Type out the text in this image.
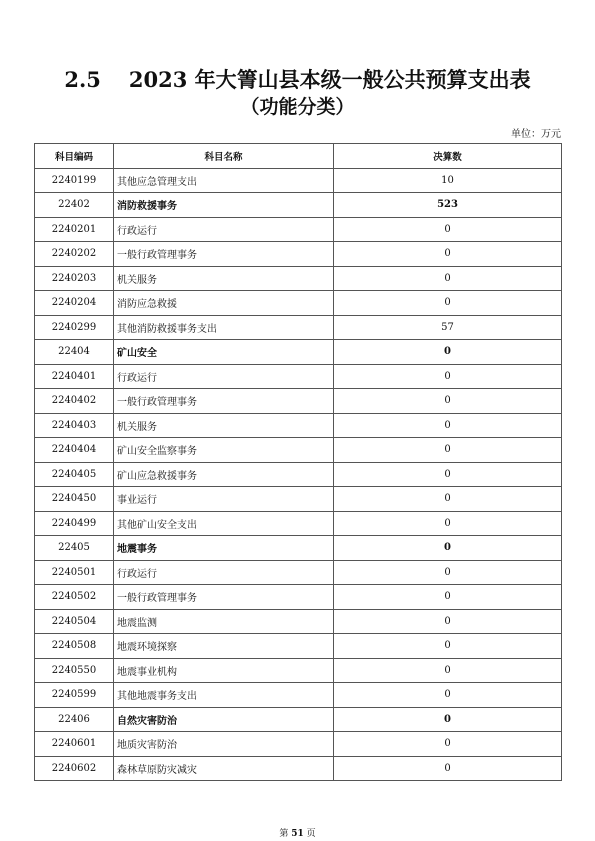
2.5 2023 年大箐山县本级一般公共预算支出表
（功能分类）
单位：万元
科目编码	科目名称	决算数
2240199	其他应急管理支出	10
22402	消防救援事务	523
2240201	行政运行	0
2240202	一般行政管理事务	0
2240203	机关服务	0
2240204	消防应急救援	0
2240299	其他消防救援事务支出	57
22404	矿山安全	0
2240401	行政运行	0
2240402	一般行政管理事务	0
2240403	机关服务	0
2240404	矿山安全监察事务	0
2240405	矿山应急救援事务	0
2240450	事业运行	0
2240499	其他矿山安全支出	0
22405	地震事务	0
2240501	行政运行	0
2240502	一般行政管理事务	0
2240504	地震监测	0
2240508	地震环境探察	0
2240550	地震事业机构	0
2240599	其他地震事务支出	0
22406	自然灾害防治	0
2240601	地质灾害防治	0
2240602	森林草原防灾减灾	0
第 51 页
